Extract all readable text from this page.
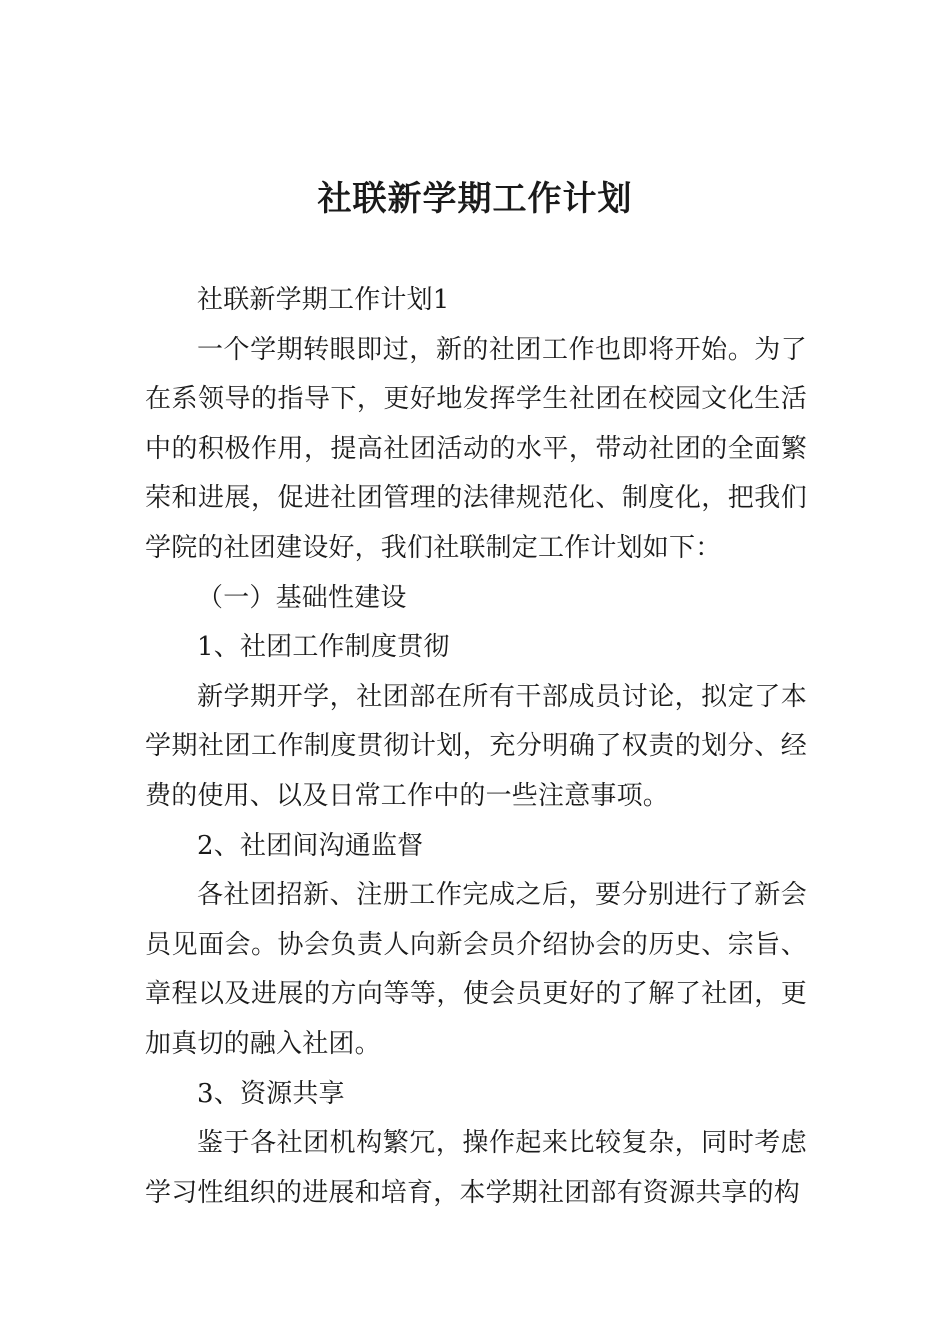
社联新学期工作计划

社联新学期工作计划1

一个学期转眼即过，新的社团工作也即将开始。为了在系领导的指导下，更好地发挥学生社团在校园文化生活中的积极作用，提高社团活动的水平，带动社团的全面繁荣和进展，促进社团管理的法律规范化、制度化，把我们学院的社团建设好，我们社联制定工作计划如下：

（一）基础性建设

1、社团工作制度贯彻

新学期开学，社团部在所有干部成员讨论，拟定了本学期社团工作制度贯彻计划，充分明确了权责的划分、经费的使用、以及日常工作中的一些注意事项。

2、社团间沟通监督

各社团招新、注册工作完成之后，要分别进行了新会员见面会。协会负责人向新会员介绍协会的历史、宗旨、章程以及进展的方向等等，使会员更好的了解了社团，更加真切的融入社团。

3、资源共享

鉴于各社团机构繁冗，操作起来比较复杂，同时考虑学习性组织的进展和培育，本学期社团部有资源共享的构
